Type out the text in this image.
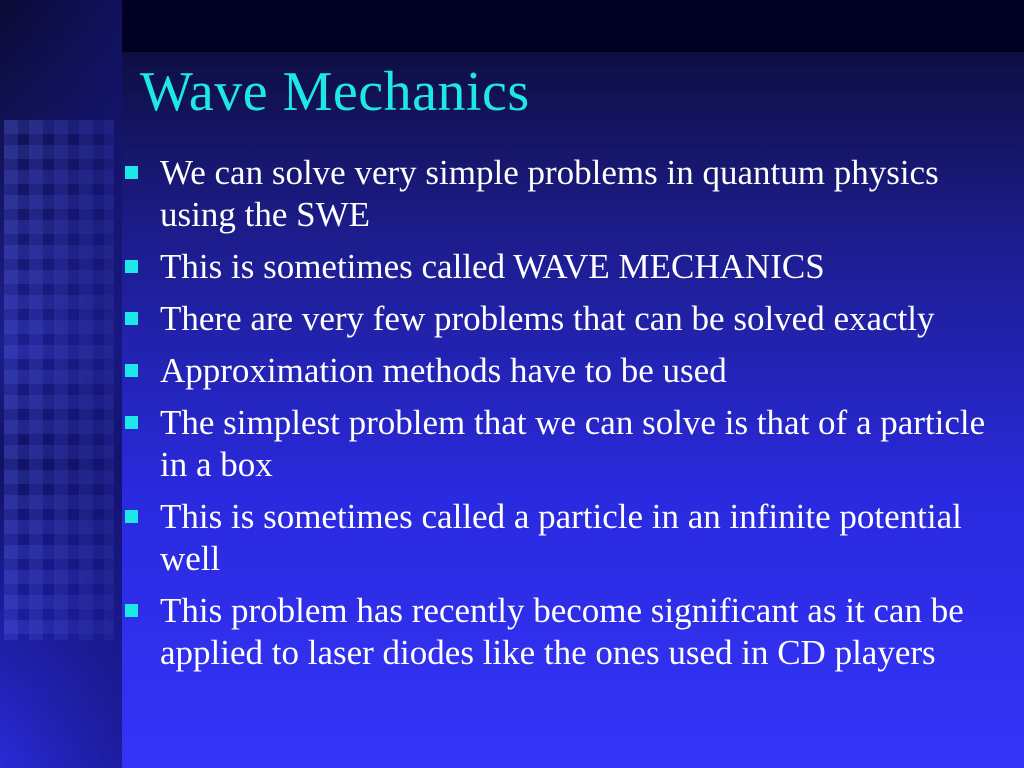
Wave Mechanics
We can solve very simple problems in quantum physics using the SWE
This is sometimes called WAVE MECHANICS
There are very few problems that can be solved exactly
Approximation methods have to be used
The simplest problem that we can solve is that of a particle in a box
This is sometimes called a particle in an infinite potential well
This problem has recently become significant as it can be applied to laser diodes like the ones used in CD players
